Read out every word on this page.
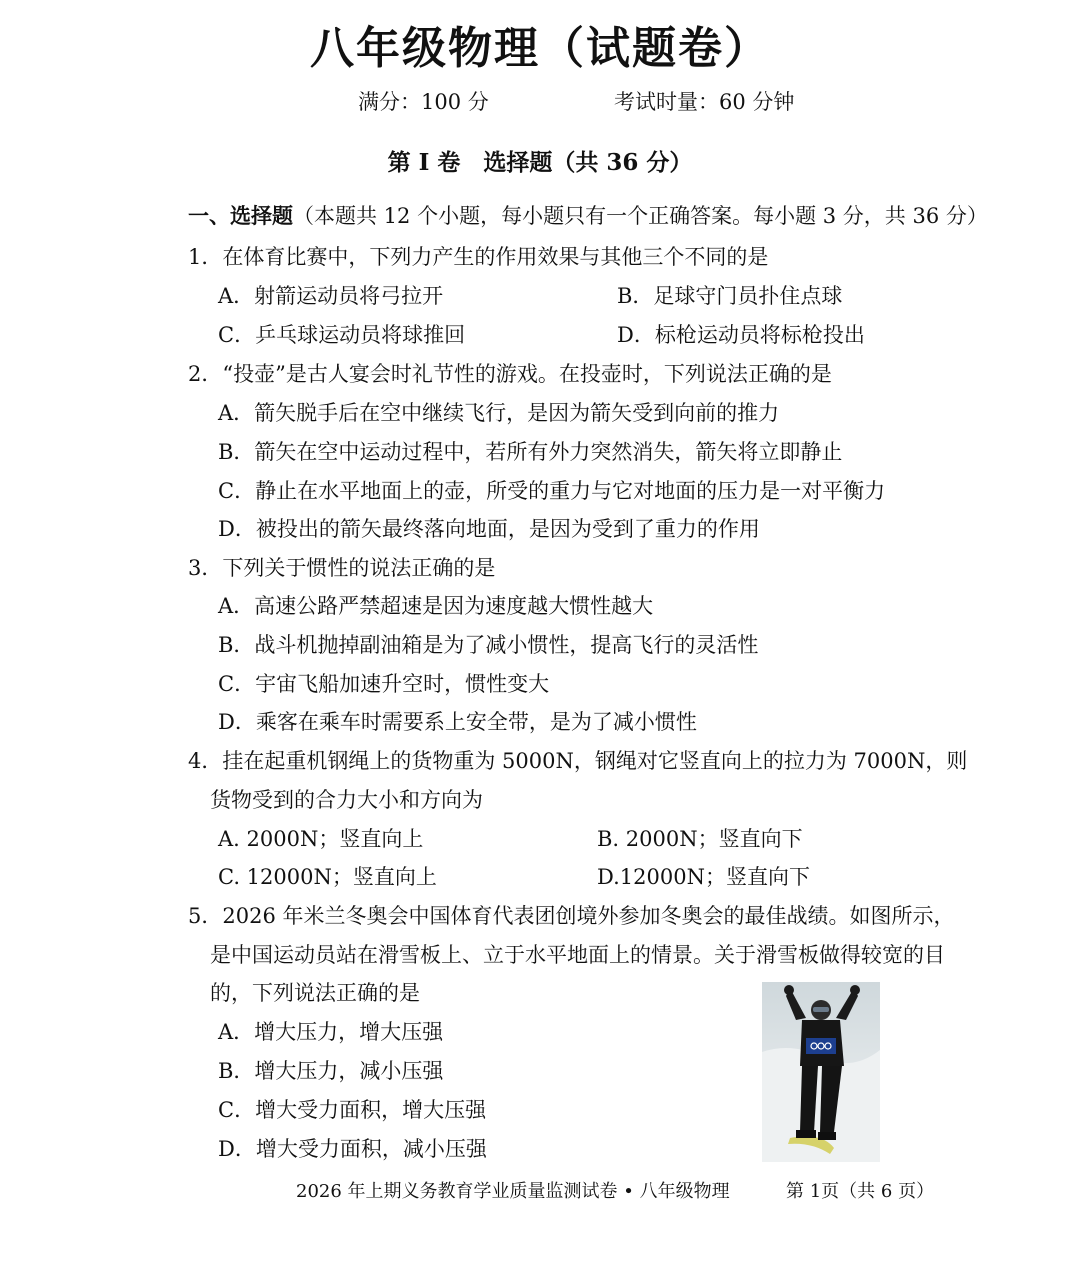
八年级物理（试题卷）
满分：100 分	考试时量：60 分钟
第 I 卷　选择题（共 36 分）
一、选择题（本题共 12 个小题，每小题只有一个正确答案。每小题 3 分，共 36 分）
1．在体育比赛中，下列力产生的作用效果与其他三个不同的是
A．射箭运动员将弓拉开	B．足球守门员扑住点球
C．乒乓球运动员将球推回	D．标枪运动员将标枪投出
2．“投壶”是古人宴会时礼节性的游戏。在投壶时，下列说法正确的是
A．箭矢脱手后在空中继续飞行，是因为箭矢受到向前的推力
B．箭矢在空中运动过程中，若所有外力突然消失，箭矢将立即静止
C．静止在水平地面上的壶，所受的重力与它对地面的压力是一对平衡力
D．被投出的箭矢最终落向地面，是因为受到了重力的作用
3．下列关于惯性的说法正确的是
A．高速公路严禁超速是因为速度越大惯性越大
B．战斗机抛掉副油箱是为了减小惯性，提高飞行的灵活性
C．宇宙飞船加速升空时，惯性变大
D．乘客在乘车时需要系上安全带，是为了减小惯性
4．挂在起重机钢绳上的货物重为 5000N，钢绳对它竖直向上的拉力为 7000N，则
货物受到的合力大小和方向为
A. 2000N；竖直向上	B. 2000N；竖直向下
C. 12000N；竖直向上	D.12000N；竖直向下
5．2026 年米兰冬奥会中国体育代表团创境外参加冬奥会的最佳战绩。如图所示，
是中国运动员站在滑雪板上、立于水平地面上的情景。关于滑雪板做得较宽的目
的，下列说法正确的是
A．增大压力，增大压强
B．增大压力，减小压强
C．增大受力面积，增大压强
D．增大受力面积，减小压强
2026 年上期义务教育学业质量监测试卷 • 八年级物理	第 1页（共 6 页）
